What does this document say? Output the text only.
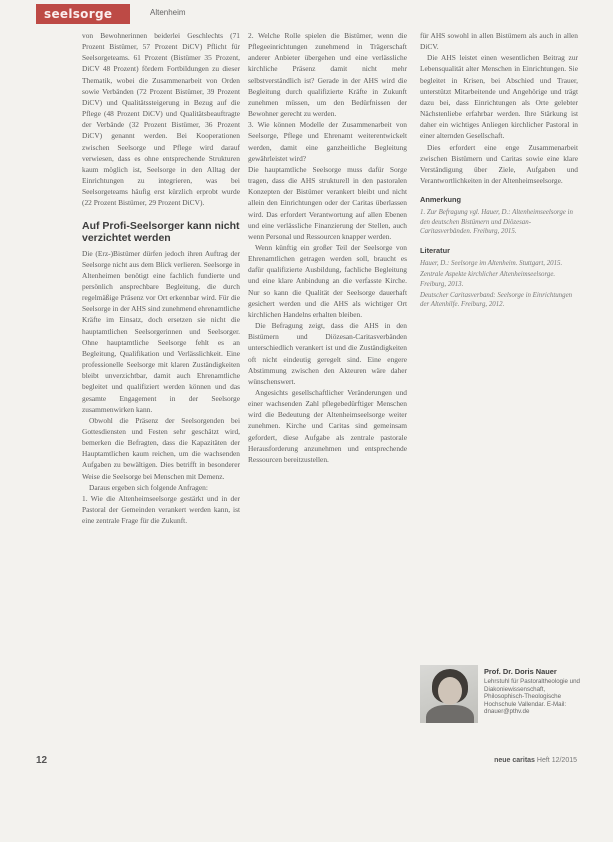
seelsorge	Altenheim

von Bewohnerinnen beiderlei Geschlechts (71 Prozent Bistümer, 57 Prozent DiCV) Pflicht für Seelsorgeteams. 61 Prozent (Bistümer 35 Prozent, DiCV 48 Prozent) fördern Fortbildungen zu dieser Thematik, wobei die Zusammenarbeit von Orden sowie Verbänden (72 Prozent Bistümer, 39 Prozent DiCV) und Qualitätssteigerung in Bezug auf die Pflege (48 Prozent DiCV) und Qualitätsbeauftragte der Verbände (32 Prozent Bistümer, 36 Prozent DiCV) genannt werden. Bei Kooperationen zwischen Seelsorge und Pflege wird darauf verwiesen, dass es ohne entsprechende Strukturen kaum möglich ist, Seelsorge in den Alltag der Einrichtungen zu integrieren, was bei Seelsorgeteams häufig erst kürzlich erprobt wurde (22 Prozent Bistümer, 29 Prozent DiCV).

Auf Profi-Seelsorger kann nicht verzichtet werden

Die (Erz-)Bistümer dürfen jedoch ihren Auftrag der Seelsorge nicht aus dem Blick verlieren. Seelsorge in Altenheimen benötigt eine fachlich fundierte und persönlich ansprechbare Begleitung, die durch regelmäßige Präsenz vor Ort erkennbar wird. Für die Seelsorge in der AHS sind zunehmend ehrenamtliche Kräfte im Einsatz, doch ersetzen sie nicht die hauptamtlichen Seelsorgerinnen und Seelsorger. Ohne hauptamtliche Seelsorge fehlt es an Begleitung, Qualifikation und Verlässlichkeit. Eine professionelle Seelsorge mit klaren Zuständigkeiten bleibt unverzichtbar, damit auch Ehrenamtliche begleitet und qualifiziert werden können und das gesamte Engagement in der Seelsorge zusammenwirken kann.

Obwohl die Präsenz der Seelsorgenden bei Gottesdiensten und Festen sehr geschätzt wird, bemerken die Befragten, dass die Kapazitäten der Hauptamtlichen kaum reichen, um die wachsenden Aufgaben zu bewältigen. Dies betrifft in besonderer Weise die Seelsorge bei Menschen mit Demenz.

Daraus ergeben sich folgende Anfragen:

1. Wie die Altenheimseelsorge gestärkt und in der Pastoral der Gemeinden verankert werden kann, ist eine zentrale Frage für die Zukunft.

2. Welche Rolle spielen die Bistümer, wenn die Pflegeeinrichtungen zunehmend in Trägerschaft anderer Anbieter übergehen und eine verlässliche kirchliche Präsenz damit nicht mehr selbstverständlich ist? Gerade in der AHS wird die Begleitung durch qualifizierte Kräfte in Zukunft zunehmen müssen, um den Bedürfnissen der Bewohner gerecht zu werden.

3. Wie können Modelle der Zusammenarbeit von Seelsorge, Pflege und Ehrenamt weiterentwickelt werden, damit eine ganzheitliche Begleitung gewährleistet wird?

Die hauptamtliche Seelsorge muss dafür Sorge tragen, dass die AHS strukturell in den pastoralen Konzepten der Bistümer verankert bleibt und nicht allein den Einrichtungen oder der Caritas überlassen wird. Das erfordert Verantwortung auf allen Ebenen und eine verlässliche Finanzierung der Stellen, auch wenn Personal und Ressourcen knapper werden.

Wenn künftig ein großer Teil der Seelsorge von Ehrenamtlichen getragen werden soll, braucht es dafür qualifizierte Ausbildung, fachliche Begleitung und eine klare Anbindung an die verfasste Kirche. Nur so kann die Qualität der Seelsorge dauerhaft gesichert werden und die AHS als wichtiger Ort kirchlichen Handelns erhalten bleiben.

Die Befragung zeigt, dass die AHS in den Bistümern und Diözesan-Caritasverbänden unterschiedlich verankert ist und die Zuständigkeiten oft nicht eindeutig geregelt sind. Eine engere Abstimmung zwischen den Akteuren wäre daher wünschenswert.

Angesichts gesellschaftlicher Veränderungen und einer wachsenden Zahl pflegebedürftiger Menschen wird die Bedeutung der Altenheimseelsorge weiter zunehmen. Kirche und Caritas sind gemeinsam gefordert, diese Aufgabe als zentrale pastorale Herausforderung anzunehmen und entsprechende Ressourcen bereitzustellen.

für AHS sowohl in allen Bistümern als auch in allen DiCV.

Die AHS leistet einen wesentlichen Beitrag zur Lebensqualität alter Menschen in Einrichtungen. Sie begleitet in Krisen, bei Abschied und Trauer, unterstützt Mitarbeitende und Angehörige und trägt dazu bei, dass Einrichtungen als Orte gelebter Nächstenliebe erfahrbar werden. Ihre Stärkung ist daher ein wichtiges Anliegen kirchlicher Pastoral in einer alternden Gesellschaft.

Dies erfordert eine enge Zusammenarbeit zwischen Bistümern und Caritas sowie eine klare Verständigung über Ziele, Aufgaben und Verantwortlichkeiten in der Altenheimseelsorge.

Anmerkung
1. Zur Befragung vgl. Hauer, D.: Altenheimseelsorge in den deutschen Bistümern und Diözesan-Caritasverbänden. Freiburg, 2015.
Literatur
Hauer, D.: Seelsorge im Altenheim. Stuttgart, 2015.
Zentrale Aspekte kirchlicher Altenheimseelsorge. Freiburg, 2013.
Deutscher Caritasverband: Seelsorge in Einrichtungen der Altenhilfe. Freiburg, 2012.
Prof. Dr. Doris Nauer
Lehrstuhl für Pastoraltheologie und Diakoniewissenschaft, Philosophisch-Theologische Hochschule Vallendar. E-Mail: dnauer@pthv.de
12	neue caritas Heft 12/2015
